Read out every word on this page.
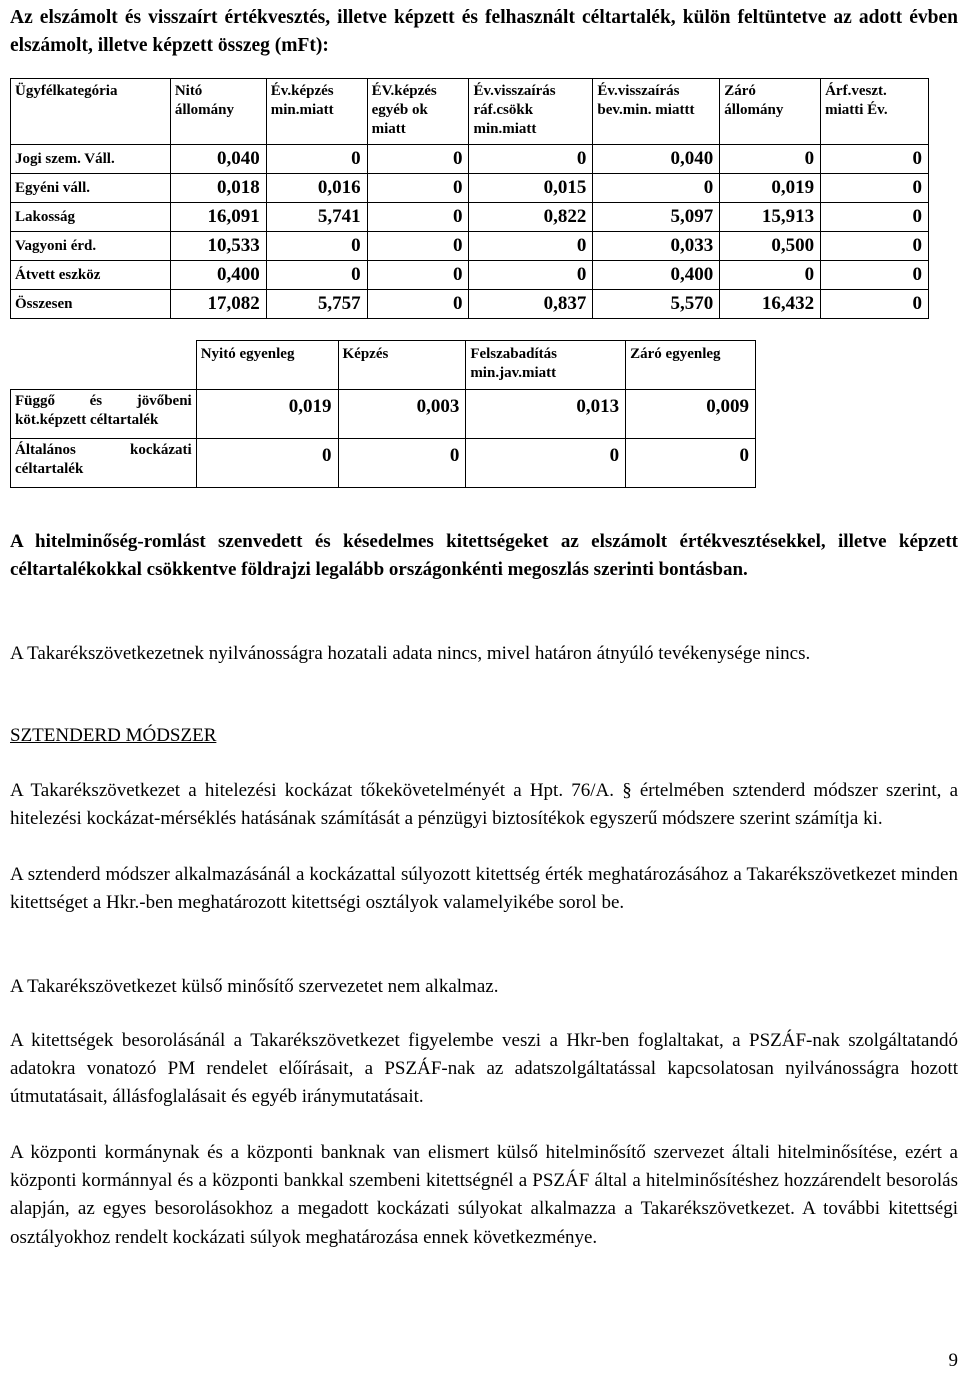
Az elszámolt és visszaírt értékvesztés, illetve képzett és felhasznált céltartalék, külön feltüntetve az adott évben elszámolt, illetve képzett összeg (mFt):
Ügyfélkategória	Nitó állomány	Év.képzés min.miatt	ÉV.képzés egyéb ok miatt	Év.visszaírás ráf.csökk min.miatt	Év.visszaírás bev.min. miattt	Záró állomány	Árf.veszt. miatti Év.
Jogi szem. Váll.	0,040	0	0	0	0,040	0	0
Egyéni váll.	0,018	0,016	0	0,015	0	0,019	0
Lakosság	16,091	5,741	0	0,822	5,097	15,913	0
Vagyoni érd.	10,533	0	0	0	0,033	0,500	0
Átvett eszköz	0,400	0	0	0	0,400	0	0
Összesen	17,082	5,757	0	0,837	5,570	16,432	0
	Nyitó egyenleg	Képzés	Felszabadítás min.jav.miatt	Záró egyenleg
Függő és jövőbeni köt.képzett céltartalék	0,019	0,003	0,013	0,009
Általános kockázati céltartalék	0	0	0	0
A hitelminőség-romlást szenvedett és késedelmes kitettségeket az elszámolt értékvesztésekkel, illetve képzett céltartalékokkal csökkentve földrajzi legalább országonkénti megoszlás szerinti bontásban.
A Takarékszövetkezetnek nyilvánosságra hozatali adata nincs, mivel határon átnyúló tevékenysége nincs.
SZTENDERD MÓDSZER
A Takarékszövetkezet a hitelezési kockázat tőkekövetelményét a Hpt. 76/A. § értelmében sztenderd módszer szerint, a hitelezési kockázat-mérséklés hatásának számítását a pénzügyi biztosítékok egyszerű módszere szerint számítja ki.
A sztenderd módszer alkalmazásánál a kockázattal súlyozott kitettség érték meghatározásához a Takarékszövetkezet minden kitettséget a Hkr.-ben meghatározott kitettségi osztályok valamelyikébe sorol be.
A Takarékszövetkezet külső minősítő szervezetet nem alkalmaz.
A kitettségek besorolásánál a Takarékszövetkezet figyelembe veszi a Hkr-ben foglaltakat, a PSZÁF-nak szolgáltatandó adatokra vonatozó PM rendelet előírásait, a PSZÁF-nak az adatszolgáltatással kapcsolatosan nyilvánosságra hozott útmutatásait, állásfoglalásait és egyéb iránymutatásait.
A központi kormánynak és a központi banknak van elismert külső hitelminősítő szervezet általi hitelminősítése, ezért a központi kormánnyal és a központi bankkal szembeni kitettségnél a PSZÁF által a hitelminősítéshez hozzárendelt besorolás alapján, az egyes besorolásokhoz a megadott kockázati súlyokat alkalmazza a Takarékszövetkezet. A további kitettségi osztályokhoz rendelt kockázati súlyok meghatározása ennek következménye.
9
